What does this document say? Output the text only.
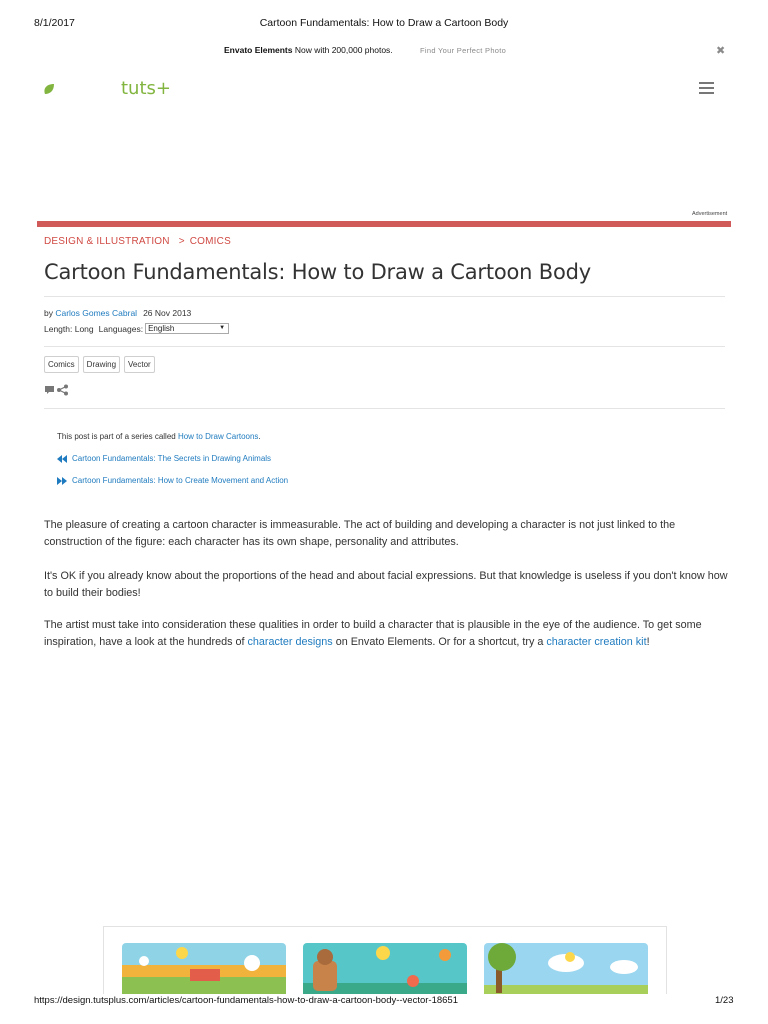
8/1/2017	Cartoon Fundamentals: How to Draw a Cartoon Body
Envato Elements Now with 200,000 photos.	Find Your Perfect Photo	✖
tuts+
Advertisement
DESIGN & ILLUSTRATION > COMICS
Cartoon Fundamentals: How to Draw a Cartoon Body
by Carlos Gomes Cabral 26 Nov 2013
Length: Long Languages: English	▼
Comics	Drawing	Vector
This post is part of a series called How to Draw Cartoons.
Cartoon Fundamentals: The Secrets in Drawing Animals
Cartoon Fundamentals: How to Create Movement and Action

The pleasure of creating a cartoon character is immeasurable. The act of building and developing a character is not just linked to the construction of the figure: each character has its own shape, personality and attributes.

It's OK if you already know about the proportions of the head and about facial expressions. But that knowledge is useless if you don't know how to build their bodies!

The artist must take into consideration these qualities in order to build a character that is plausible in the eye of the audience. To get some inspiration, have a look at the hundreds of character designs on Envato Elements. Or for a shortcut, try a character creation kit!

https://design.tutsplus.com/articles/cartoon-fundamentals-how-to-draw-a-cartoon-body--vector-18651	1/23
